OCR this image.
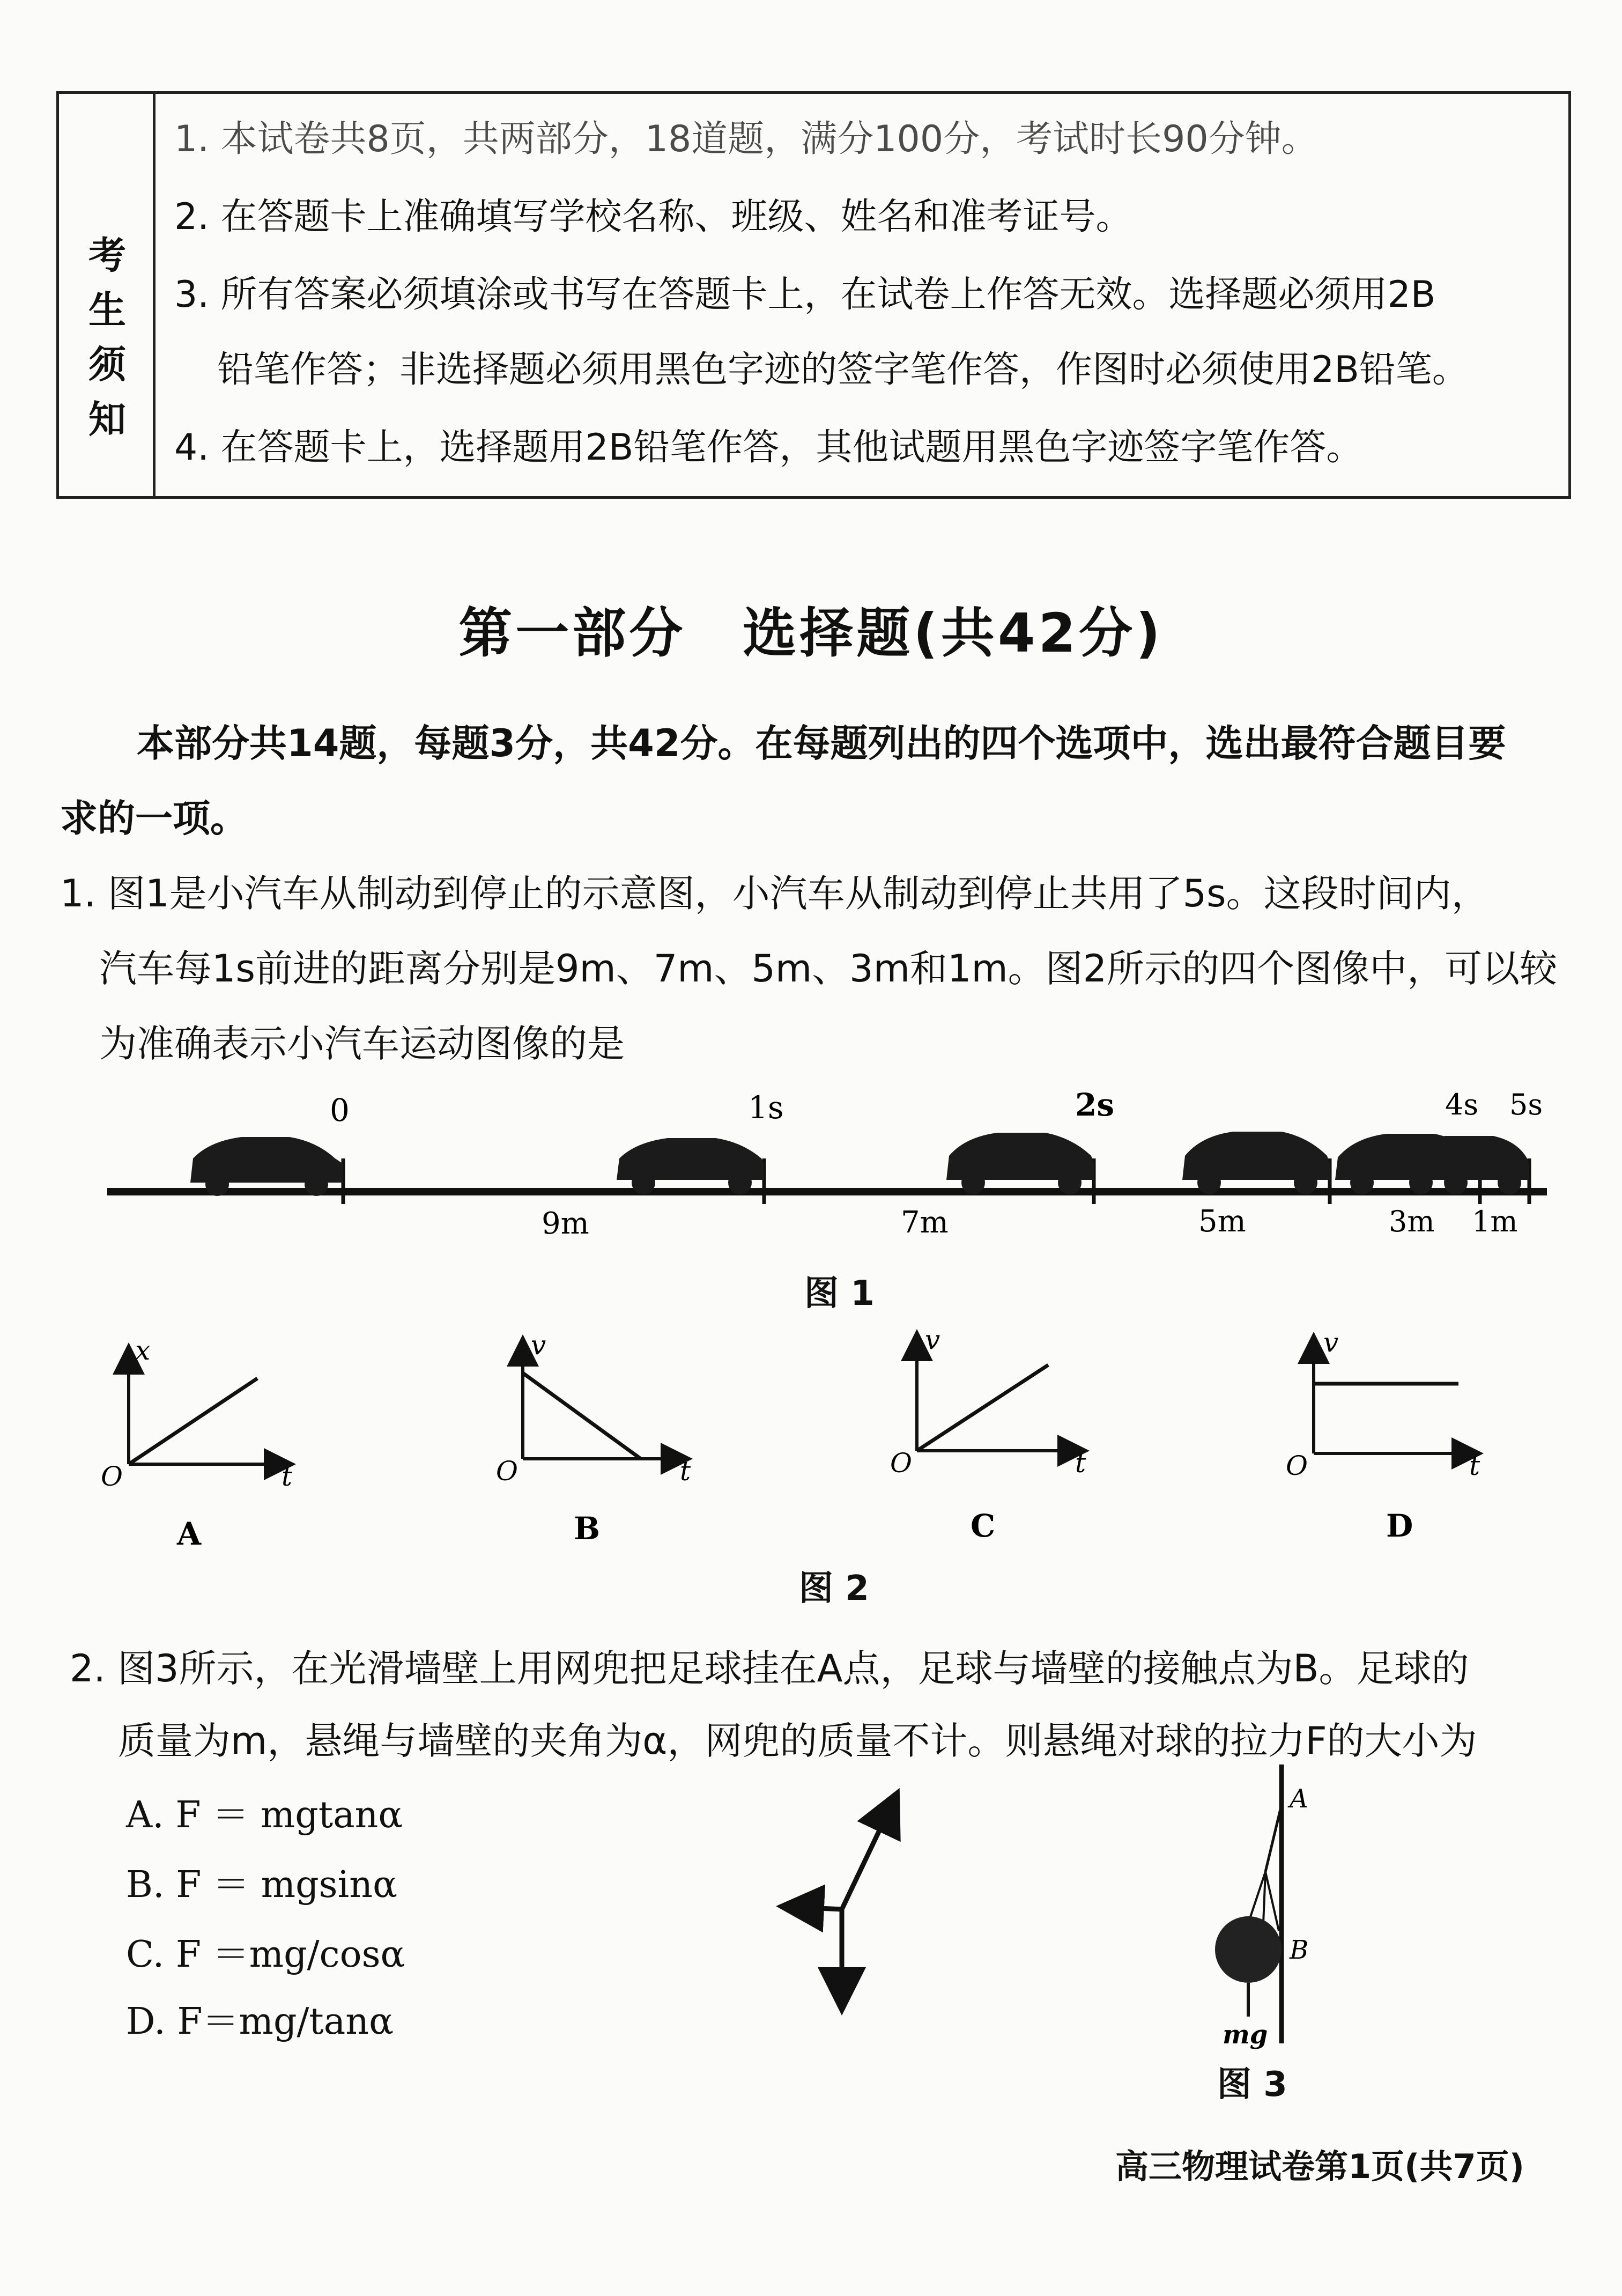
考生须知
1. 本试卷共8页，共两部分，18道题，满分100分，考试时长90分钟。
2. 在答题卡上准确填写学校名称、班级、姓名和准考证号。
3. 所有答案必须填涂或书写在答题卡上，在试卷上作答无效。选择题必须用2B
铅笔作答；非选择题必须用黑色字迹的签字笔作答，作图时必须使用2B铅笔。
4. 在答题卡上，选择题用2B铅笔作答，其他试题用黑色字迹签字笔作答。
第一部分　选择题(共42分)
本部分共14题，每题3分，共42分。在每题列出的四个选项中，选出最符合题目要
求的一项。
1. 图1是小汽车从制动到停止的示意图，小汽车从制动到停止共用了5s。这段时间内，
汽车每1s前进的距离分别是9m、7m、5m、3m和1m。图2所示的四个图像中，可以较
为准确表示小汽车运动图像的是
0	1s	2s	4s 5s
9m	7m	5m	3m 1m
图 1
x
t
O
A
v
t
O
B
v
t
O
C
v
t
O
D
图 2
2. 图3所示，在光滑墙壁上用网兜把足球挂在A点，足球与墙壁的接触点为B。足球的
质量为m，悬绳与墙壁的夹角为α，网兜的质量不计。则悬绳对球的拉力F的大小为
A. F ＝ mgtanα
B. F ＝ mgsinα
C. F ＝mg/cosα
D. F＝mg/tanα
A
B
mg
图 3
高三物理试卷第1页(共7页)
